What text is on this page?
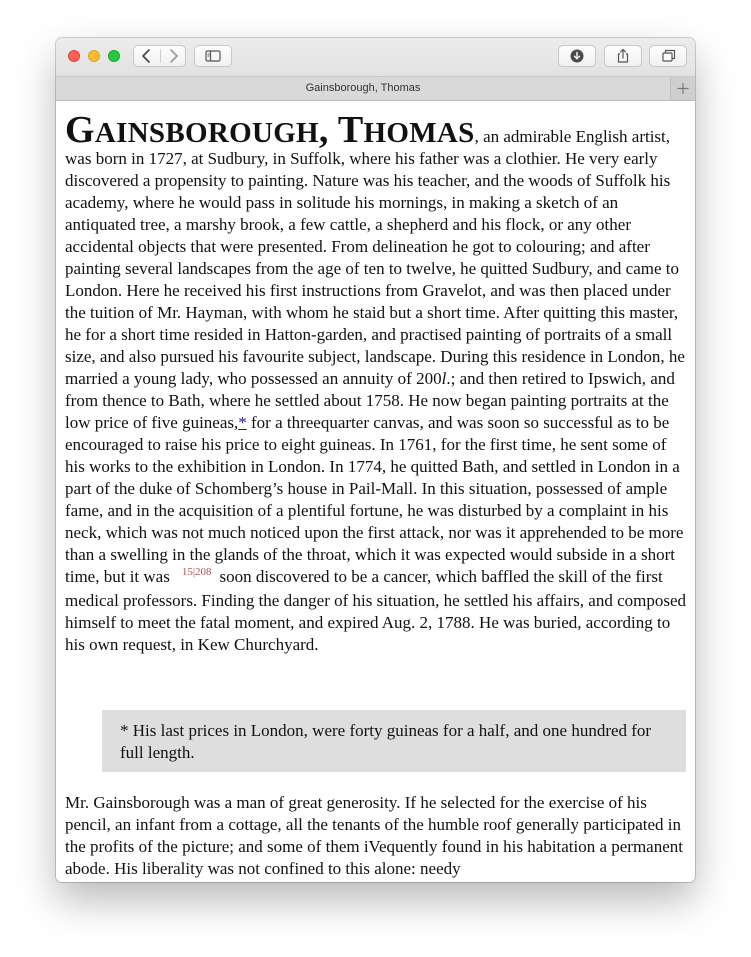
Gainsborough, Thomas

GAINSBOROUGH, THOMAS, an admirable English artist, was born in 1727, at Sudbury, in Suffolk, where his father was a clothier. He very early discovered a propensity to painting. Nature was his teacher, and the woods of Suffolk his academy, where he would pass in solitude his mornings, in making a sketch of an antiquated tree, a marshy brook, a few cattle, a shepherd and his flock, or any other accidental objects that were presented. From delineation he got to colouring; and after painting several landscapes from the age of ten to twelve, he quitted Sudbury, and came to London. Here he received his first instructions from Gravelot, and was then placed under the tuition of Mr. Hayman, with whom he staid but a short time. After quitting this master, he for a short time resided in Hatton-garden, and practised painting of portraits of a small size, and also pursued his favourite subject, landscape. During this residence in London, he married a young lady, who possessed an annuity of 200l.; and then retired to Ipswich, and from thence to Bath, where he settled about 1758. He now began painting portraits at the low price of five guineas,* for a threequarter canvas, and was soon so successful as to be encouraged to raise his price to eight guineas. In 1761, for the first time, he sent some of his works to the exhibition in London. In 1774, he quitted Bath, and settled in London in a part of the duke of Schomberg’s house in Pail-Mall. In this situation, possessed of ample fame, and in the acquisition of a plentiful fortune, he was disturbed by a complaint in his neck, which was not much noticed upon the first attack, nor was it apprehended to be more than a swelling in the glands of the throat, which it was expected would subside in a short time, but it was $^{15|208}$ soon discovered to be a cancer, which baffled the skill of the first medical professors. Finding the danger of his situation, he settled his affairs, and composed himself to meet the fatal moment, and expired Aug. 2, 1788. He was buried, according to his own request, in Kew Churchyard.

* His last prices in London, were forty guineas for a half, and one hundred for full length.

Mr. Gainsborough was a man of great generosity. If he selected for the exercise of his pencil, an infant from a cottage, all the tenants of the humble roof generally participated in the profits of the picture; and some of them iVequently found in his habitation a permanent abode. His liberality was not confined to this alone: needy
